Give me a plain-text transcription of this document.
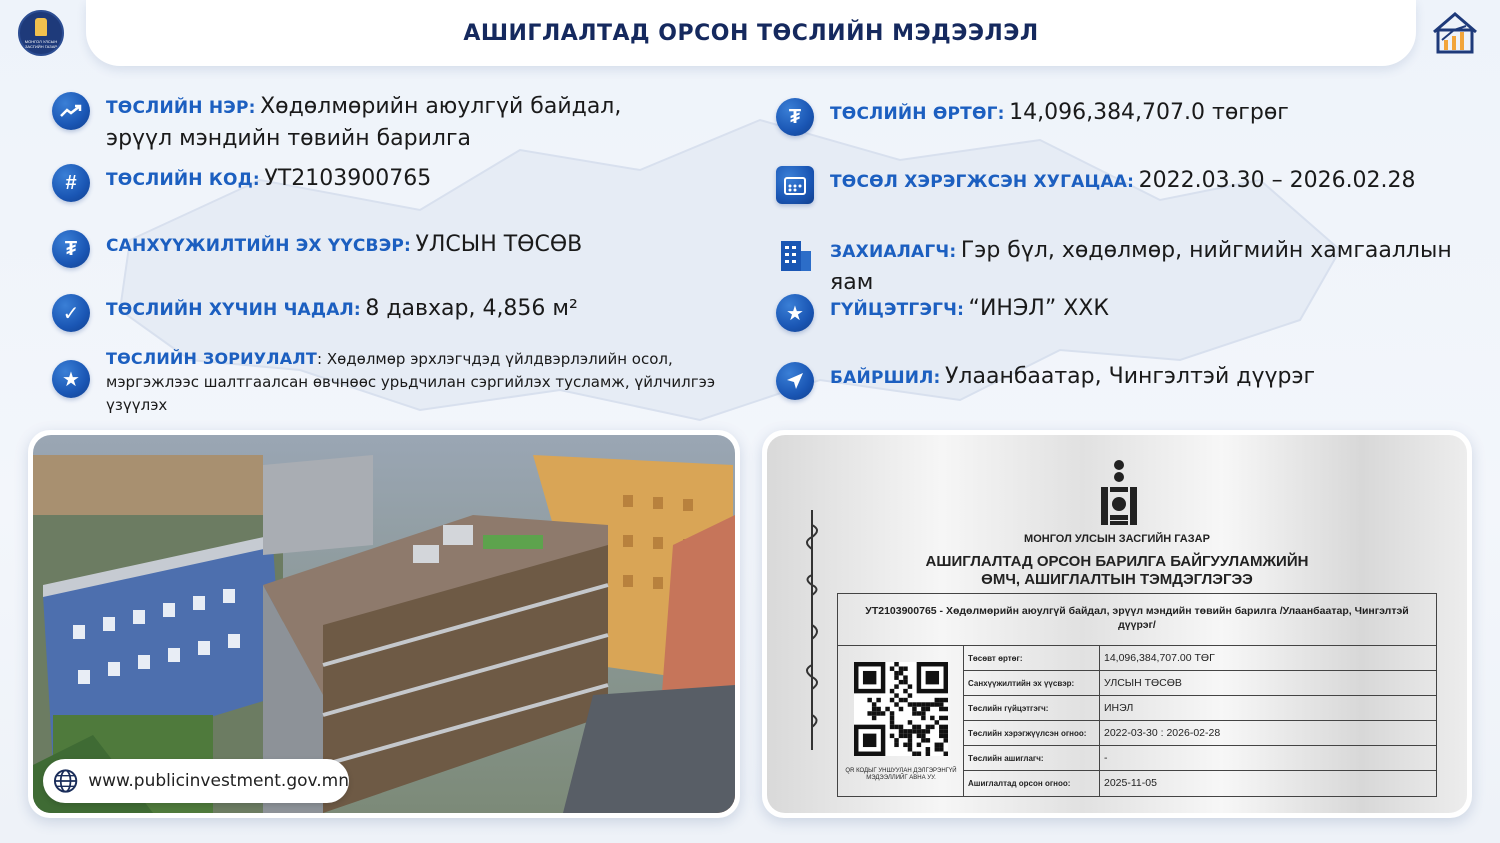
МОНГОЛ УЛСЫН
ЗАСГИЙН ГАЗАР
АШИГЛАЛТАД ОРСОН ТӨСЛИЙН МЭДЭЭЛЭЛ
ТӨСЛИЙН НЭР: Хөдөлмөрийн аюулгүй байдал, эрүүл мэндийн төвийн барилга
#	ТӨСЛИЙН КОД: УТ2103900765
₮	САНХҮҮЖИЛТИЙН ЭХ ҮҮСВЭР: УЛСЫН ТӨСӨВ
✓	ТӨСЛИЙН ХҮЧИН ЧАДАЛ: 8 давхар, 4,856 м²
★
ТӨСЛИЙН ЗОРИУЛАЛТ: Хөдөлмөр эрхлэгчдэд үйлдвэрлэлийн осол, мэргэжлээс шалтгаалсан өвчнөөс урьдчилан сэргийлэх тусламж, үйлчилгээ үзүүлэх
₮	ТӨСЛИЙН ӨРТӨГ: 14,096,384,707.0 төгрөг
ТӨСӨЛ ХЭРЭГЖСЭН ХУГАЦАА: 2022.03.30 – 2026.02.28
ЗАХИАЛАГЧ: Гэр бүл, хөдөлмөр, нийгмийн хамгааллын яам
★	ГҮЙЦЭТГЭГЧ: “ИНЭЛ” ХХК
БАЙРШИЛ: Улаанбаатар, Чингэлтэй дүүрэг
www.publicinvestment.gov.mn
МОНГОЛ УЛСЫН ЗАСГИЙН ГАЗАР
АШИГЛАЛТАД ОРСОН БАРИЛГА БАЙГУУЛАМЖИЙН
ӨМЧ, АШИГЛАЛТЫН ТЭМДЭГЛЭГЭЭ
УТ2103900765 - Хөдөлмөрийн аюулгүй байдал, эрүүл мэндийн төвийн барилга /Улаанбаатар, Чингэлтэй дүүрэг/
QR КОДЫГ УНШУУЛАН ДЭЛГЭРЭНГҮЙ МЭДЭЭЛЛИЙГ АВНА УУ.
Төсөвт өртөг:	14,096,384,707.00 ТӨГ
Санхүүжилтийн эх үүсвэр:	УЛСЫН ТӨСӨВ
Төслийн гүйцэтгэгч:	ИНЭЛ
Төслийн хэрэгжүүлсэн огноо:	2022-03-30 : 2026-02-28
Төслийн ашиглагч:	-
Ашиглалтад орсон огноо:	2025-11-05
